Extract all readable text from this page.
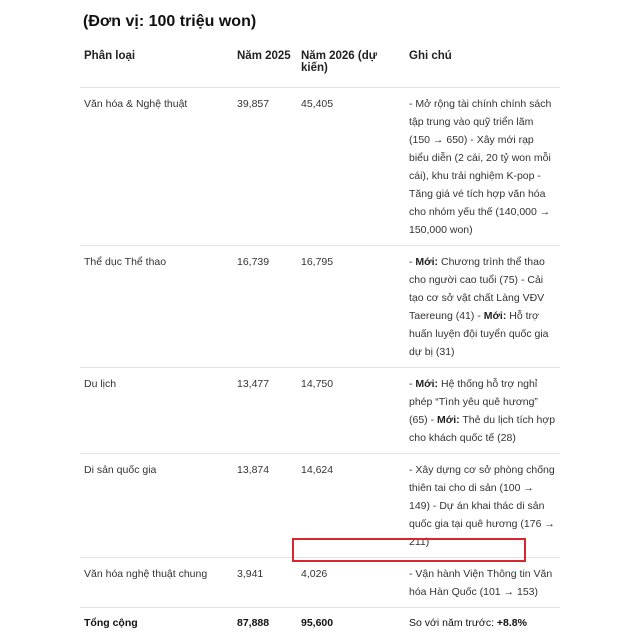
(Đơn vị: 100 triệu won)
Phân loại	Năm 2025	Năm 2026 (dự kiến)	Ghi chú
Văn hóa & Nghệ thuật	39,857	45,405	- Mở rộng tài chính chính sách tập trung vào quỹ triển lãm (150 → 650) - Xây mới rạp biểu diễn (2 cái, 20 tỷ won mỗi cái), khu trải nghiệm K-pop - Tăng giá vé tích hợp văn hóa cho nhóm yếu thế (140,000 → 150,000 won)
Thể dục Thể thao	16,739	16,795	- Mới: Chương trình thể thao cho người cao tuổi (75) - Cải tạo cơ sở vật chất Làng VĐV Taereung (41) - Mới: Hỗ trợ huấn luyện đội tuyển quốc gia dự bị (31)
Du lịch	13,477	14,750	- Mới: Hệ thống hỗ trợ nghỉ phép “Tình yêu quê hương” (65) - Mới: Thẻ du lịch tích hợp cho khách quốc tế (28)
Di sản quốc gia	13,874	14,624	- Xây dựng cơ sở phòng chống thiên tai cho di sản (100 → 149) - Dự án khai thác di sản quốc gia tại quê hương (176 → 211)
Văn hóa nghệ thuật chung	3,941	4,026	- Vận hành Viện Thông tin Văn hóa Hàn Quốc (101 → 153)
Tổng cộng	87,888	95,600	So với năm trước: +8.8%
